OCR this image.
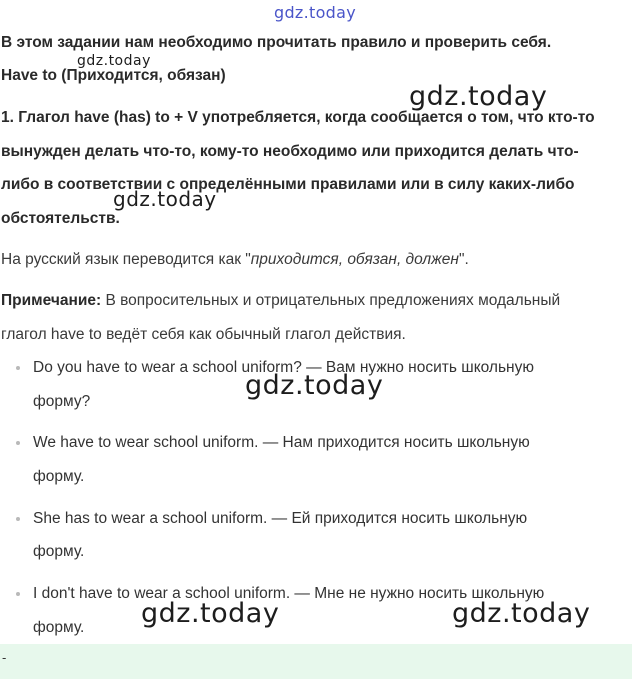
gdz.today
В этом задании нам необходимо прочитать правило и проверить себя.
Have to (Приходится, обязан)
gdz.today
gdz.today
1. Глагол have (has) to + V употребляется, когда сообщается о том, что кто-то
вынужден делать что-то, кому-то необходимо или приходится делать что-
либо в соответствии с определёнными правилами или в силу каких-либо
обстоятельств.
gdz.today
На русский язык переводится как "приходится, обязан, должен".
Примечание: В вопросительных и отрицательных предложениях модальный
глагол have to ведёт себя как обычный глагол действия.
Do you have to wear a school uniform? — Вам нужно носить школьную
форму?
We have to wear school uniform. — Нам приходится носить школьную
форму.
She has to wear a school uniform. — Ей приходится носить школьную
форму.
I don't have to wear a school uniform. — Мне не нужно носить школьную
форму.
gdz.today
gdz.today	gdz.today
-
